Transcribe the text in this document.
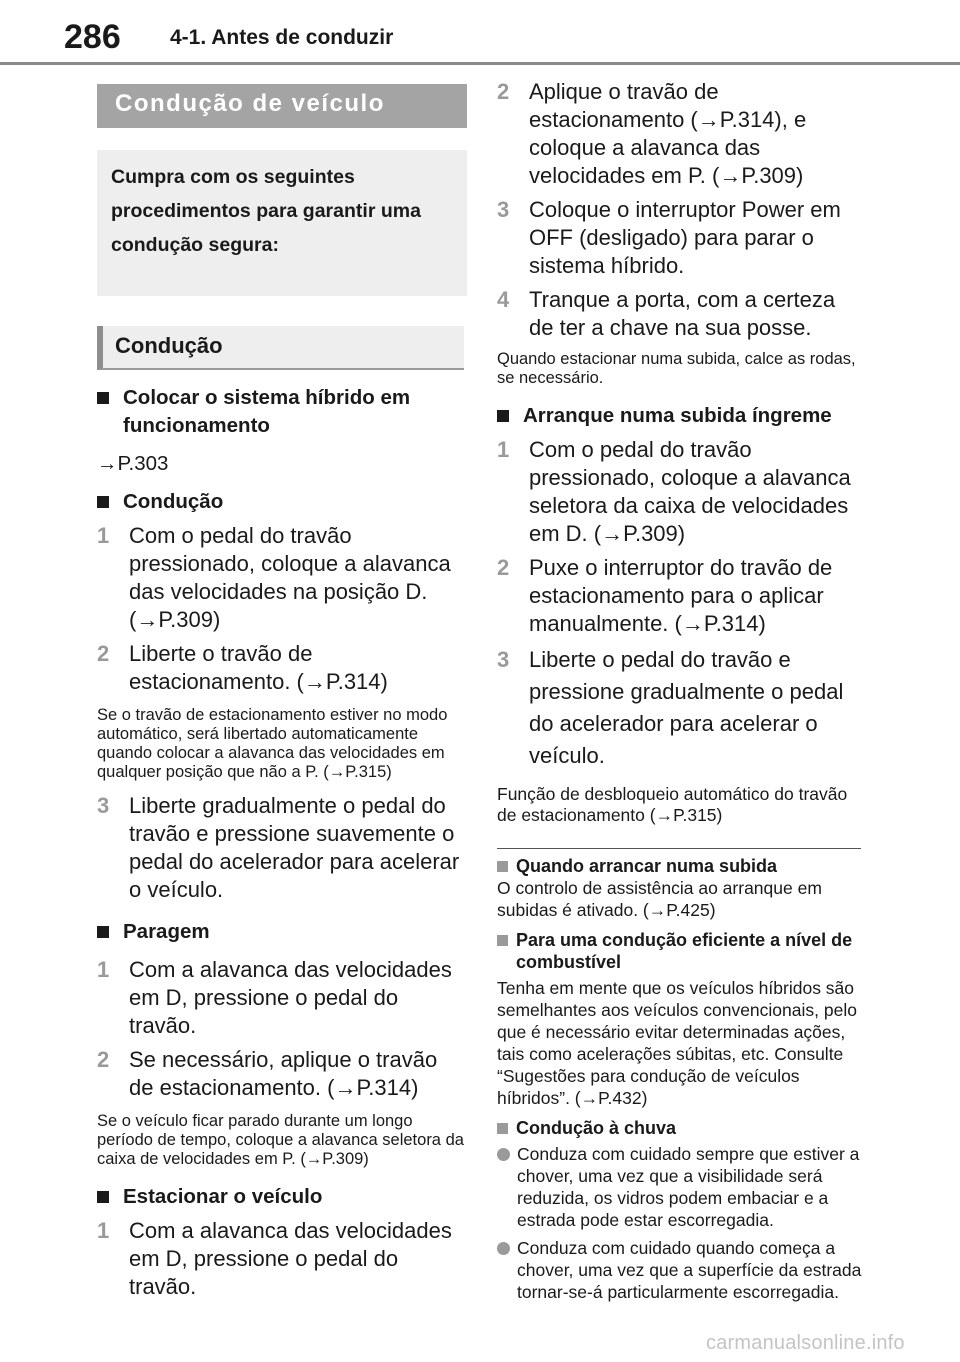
286 4-1. Antes de conduzir
Condução de veículo
Cumpra com os seguintes procedimentos para garantir uma condução segura:
Condução
Colocar o sistema híbrido em funcionamento
→P.303
Condução
1 Com o pedal do travão pressionado, coloque a alavanca das velocidades na posição D. (→P.309)
2 Liberte o travão de estacionamento. (→P.314)
Se o travão de estacionamento estiver no modo automático, será libertado automaticamente quando colocar a alavanca das velocidades em qualquer posição que não a P. (→P.315)
3 Liberte gradualmente o pedal do travão e pressione suavemente o pedal do acelerador para acelerar o veículo.
Paragem
1 Com a alavanca das velocidades em D, pressione o pedal do travão.
2 Se necessário, aplique o travão de estacionamento. (→P.314)
Se o veículo ficar parado durante um longo período de tempo, coloque a alavanca seletora da caixa de velocidades em P. (→P.309)
Estacionar o veículo
1 Com a alavanca das velocidades em D, pressione o pedal do travão.
2 Aplique o travão de estacionamento (→P.314), e coloque a alavanca das velocidades em P. (→P.309)
3 Coloque o interruptor Power em OFF (desligado) para parar o sistema híbrido.
4 Tranque a porta, com a certeza de ter a chave na sua posse.
Quando estacionar numa subida, calce as rodas, se necessário.
Arranque numa subida íngreme
1 Com o pedal do travão pressionado, coloque a alavanca seletora da caixa de velocidades em D. (→P.309)
2 Puxe o interruptor do travão de estacionamento para o aplicar manualmente. (→P.314)
3 Liberte o pedal do travão e pressione gradualmente o pedal do acelerador para acelerar o veículo.
Função de desbloqueio automático do travão de estacionamento (→P.315)
Quando arrancar numa subida
O controlo de assistência ao arranque em subidas é ativado. (→P.425)
Para uma condução eficiente a nível de combustível
Tenha em mente que os veículos híbridos são semelhantes aos veículos convencionais, pelo que é necessário evitar determinadas ações, tais como acelerações súbitas, etc. Consulte “Sugestões para condução de veículos híbridos”. (→P.432)
Condução à chuva
Conduza com cuidado sempre que estiver a chover, uma vez que a visibilidade será reduzida, os vidros podem embaciar e a estrada pode estar escorregadia.
Conduza com cuidado quando começa a chover, uma vez que a superfície da estrada tornar-se-á particularmente escorregadia.
carmanualsonline.info
